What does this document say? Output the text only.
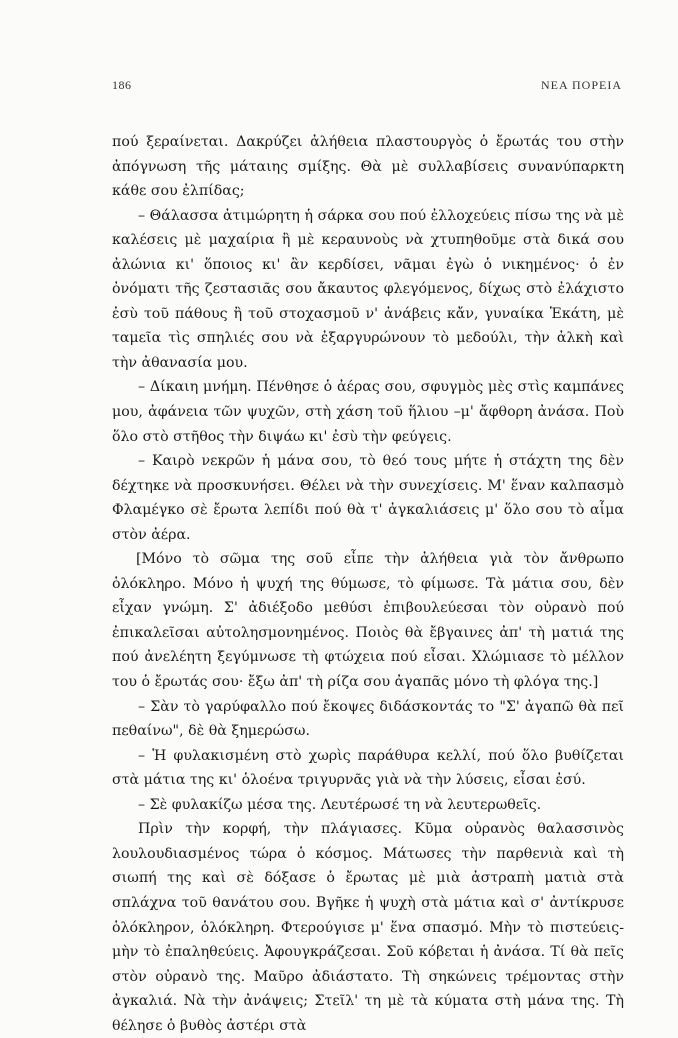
186	ΝΕΑ ΠΟΡΕΙΑ

πού ξεραίνεται. Δακρύζει ἀλήθεια πλαστουργὸς ὁ ἔρωτάς του στὴν ἀπόγνωση τῆς μάταιης σμίξης. Θὰ μὲ συλλαβίσεις συνανύπαρκτη κάθε σου ἐλπίδας;

– Θάλασσα ἀτιμώρητη ἡ σάρκα σου πού ἐλλοχεύεις πίσω της νὰ μὲ καλέσεις μὲ μαχαίρια ἢ μὲ κεραυνοὺς νὰ χτυπηθοῦμε στὰ δικά σου ἀλώνια κι' ὅποιος κι' ἂν κερδίσει, νᾶμαι ἐγὼ ὁ νικημένος· ὁ ἐν ὀνόματι τῆς ζεστασιᾶς σου ἄκαυτος φλεγόμενος, δίχως στὸ ἐλάχιστο ἐσὺ τοῦ πάθους ἢ τοῦ στοχασμοῦ ν' ἀνάβεις κἄν, γυναίκα Ἑκάτη, μὲ ταμεῖα τὶς σπηλιές σου νὰ ἐξαργυρώνουν τὸ μεδούλι, τὴν ἀλκὴ καὶ τὴν ἀθανασία μου.

– Δίκαιη μνήμη. Πένθησε ὁ ἀέρας σου, σφυγμὸς μὲς στὶς καμπάνες μου, ἀφάνεια τῶν ψυχῶν, στὴ χάση τοῦ ἥλιου –μ' ἄφθορη ἀνάσα. Ποὺ ὅλο στὸ στῆθος τὴν διψάω κι' ἐσὺ τὴν φεύγεις.

– Καιρὸ νεκρῶν ἡ μάνα σου, τὸ θεό τους μήτε ἡ στάχτη της δὲν δέχτηκε νὰ προσκυνήσει. Θέλει νὰ τὴν συνεχίσεις. Μ' ἕναν καλπασμὸ Φλαμέγκο σὲ ἔρωτα λεπίδι πού θὰ τ' ἀγκαλιάσεις μ' ὅλο σου τὸ αἷμα στὸν ἀέρα.

[Μόνο τὸ σῶμα της σοῦ εἶπε τὴν ἀλήθεια γιὰ τὸν ἄνθρωπο ὁλόκληρο. Μόνο ἡ ψυχή της θύμωσε, τὸ φίμωσε. Τὰ μάτια σου, δὲν εἶχαν γνώμη. Σ' ἀδιέξοδο μεθύσι ἐπιβουλεύεσαι τὸν οὐρανὸ πού ἐπικαλεῖσαι αὐτολησμονημένος. Ποιὸς θὰ ἔβγαινες ἀπ' τὴ ματιά της πού ἀνελέητη ξεγύμνωσε τὴ φτώχεια πού εἶσαι. Χλώμιασε τὸ μέλλον του ὁ ἔρωτάς σου· ἔξω ἀπ' τὴ ρίζα σου ἀγαπᾶς μόνο τὴ φλόγα της.]

– Σὰν τὸ γαρύφαλλο πού ἔκοψες διδάσκοντάς το "Σ' ἀγαπῶ θὰ πεῖ πεθαίνω", δὲ θὰ ξημερώσω.

– Ἡ φυλακισμένη στὸ χωρὶς παράθυρα κελλί, πού ὅλο βυθίζεται στὰ μάτια της κι' ὁλοένα τριγυρνᾶς γιὰ νὰ τὴν λύσεις, εἶσαι ἐσύ.

– Σὲ φυλακίζω μέσα της. Λευτέρωσέ τη νὰ λευτερωθεῖς.

Πρὶν τὴν κορφή, τὴν πλάγιασες. Κῦμα οὐρανὸς θαλασσινὸς λουλουδιασμένος τώρα ὁ κόσμος. Μάτωσες τὴν παρθενιὰ καὶ τὴ σιωπή της καὶ σὲ δόξασε ὁ ἔρωτας μὲ μιὰ ἀστραπὴ ματιὰ στὰ σπλάχνα τοῦ θανάτου σου. Βγῆκε ἡ ψυχὴ στὰ μάτια καὶ σ' ἀντίκρυσε ὁλόκληρον, ὁλόκληρη. Φτερούγισε μ' ἕνα σπασμό. Μὴν τὸ πιστεύεις-μὴν τὸ ἐπαληθεύεις. Ἀφουγκράζεσαι. Σοῦ κόβεται ἡ ἀνάσα. Τί θὰ πεῖς στὸν οὐρανὸ της. Μαῦρο ἀδιάστατο. Τὴ σηκώνεις τρέμοντας στὴν ἀγκαλιά. Νὰ τὴν ἀνάψεις; Στεῖλ' τη μὲ τὰ κύματα στὴ μάνα της. Τὴ θέλησε ὁ βυθὸς ἀστέρι στὰ
